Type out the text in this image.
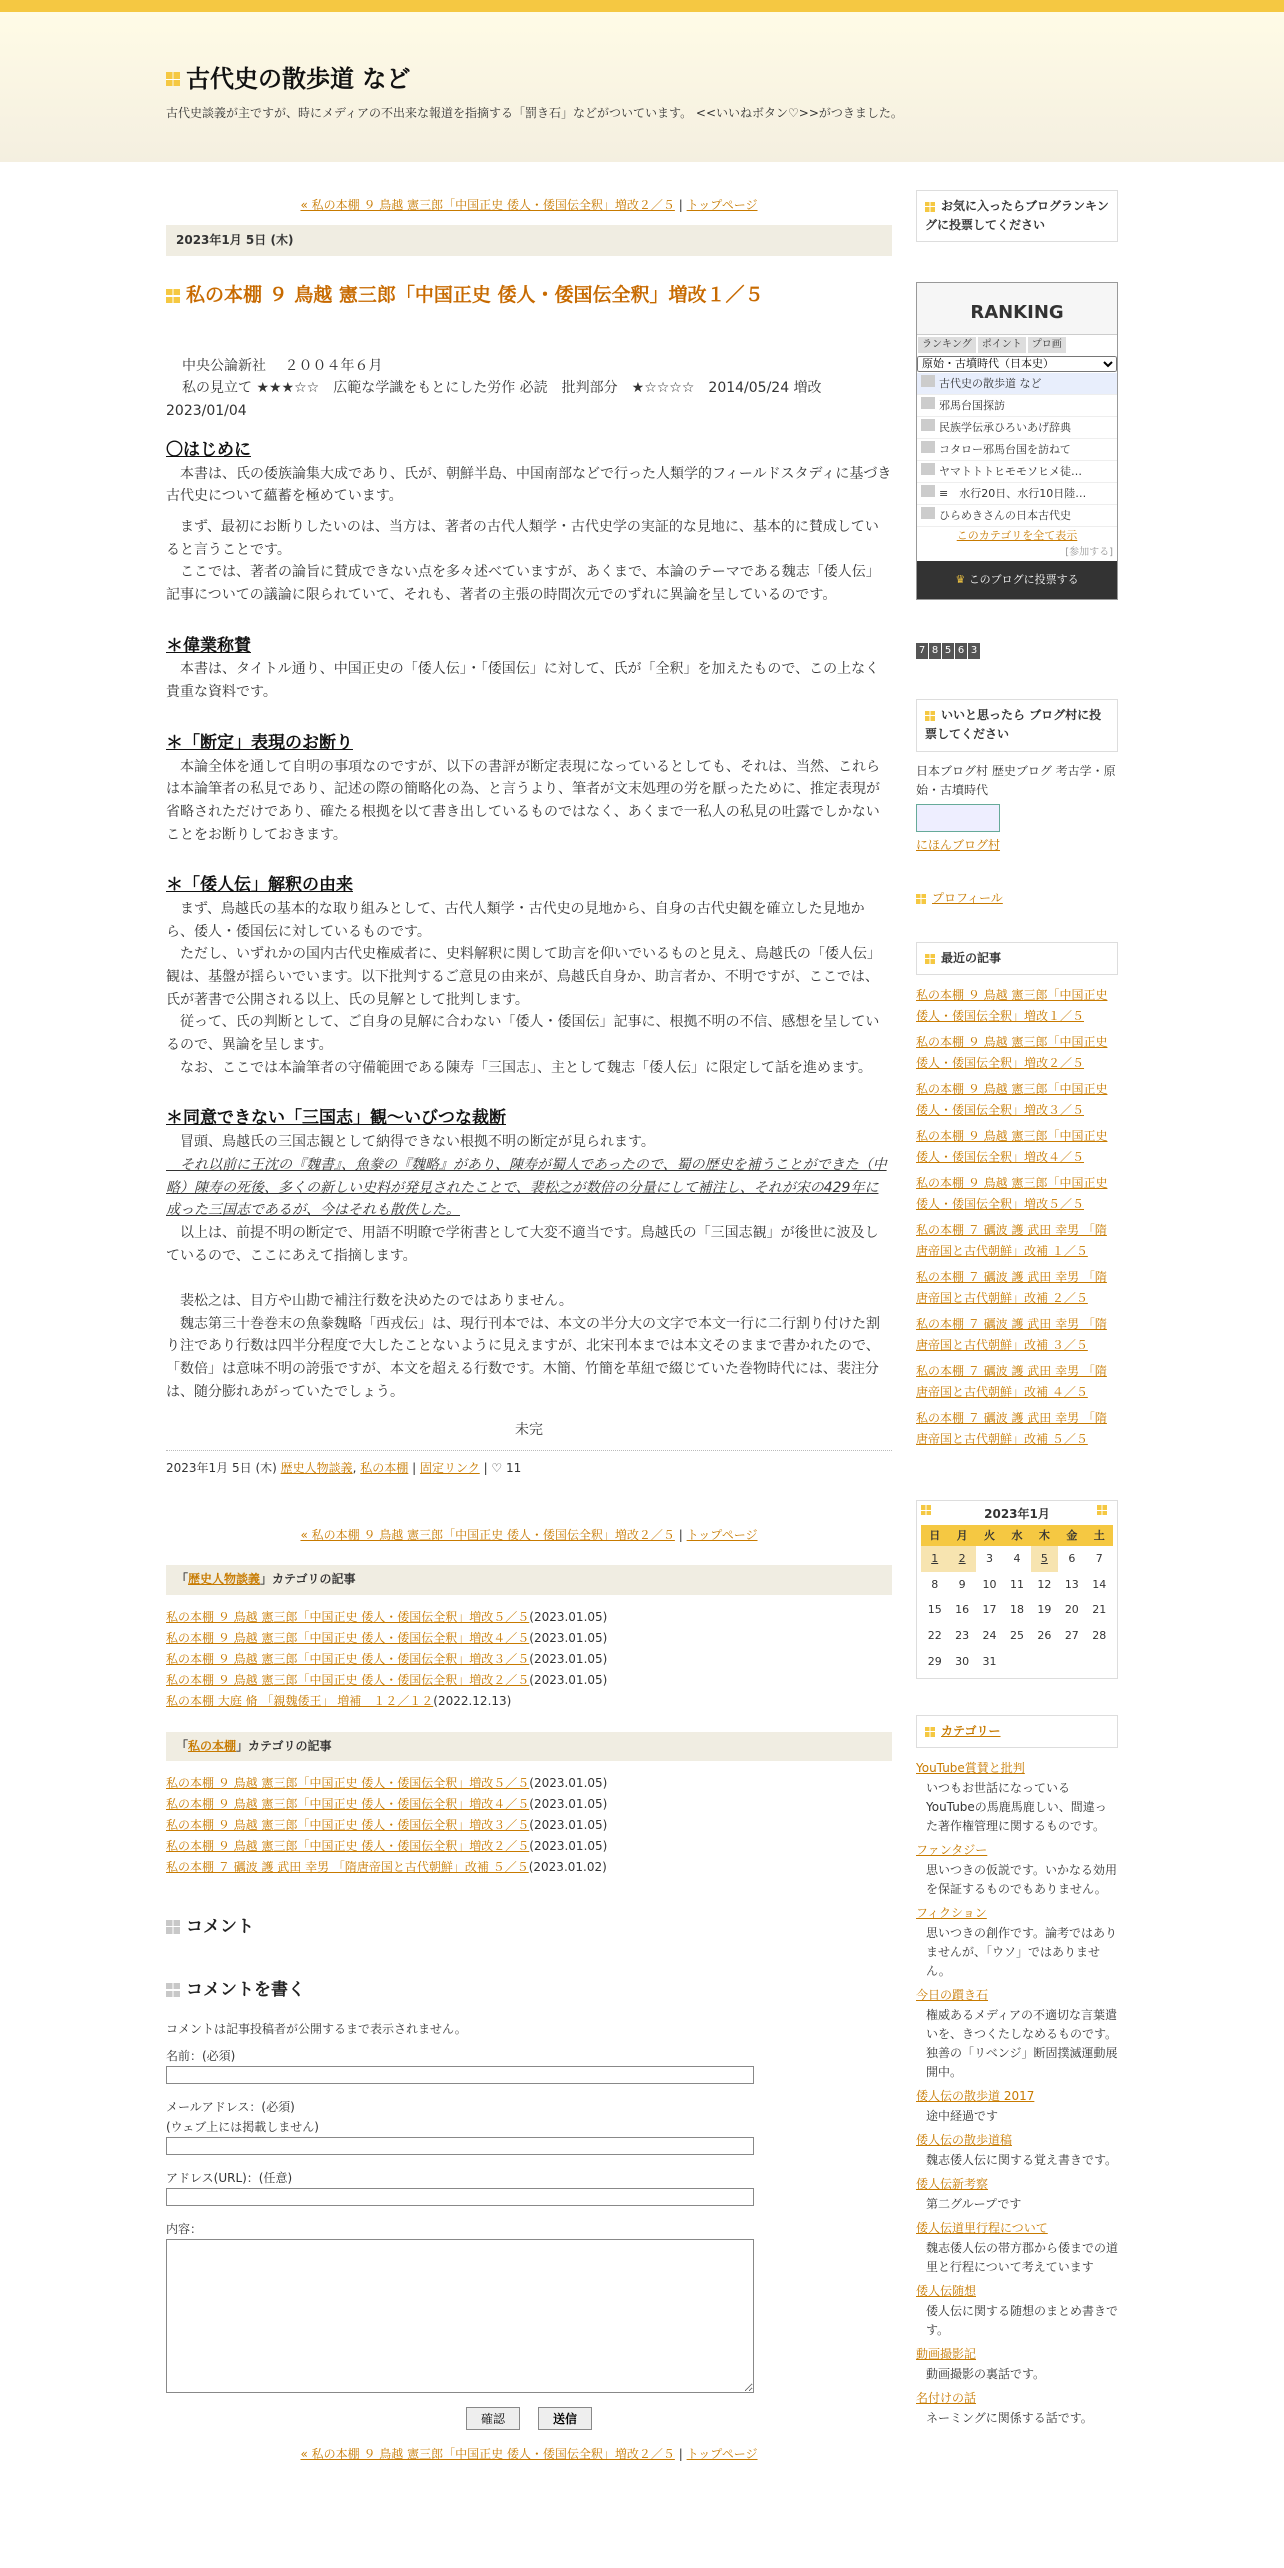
古代史の散歩道 など
古代史談義が主ですが、時にメディアの不出来な報道を指摘する「罰き石」などがついています。 <<いいねボタン♡>>がつきました。
« 私の本棚 ９ 鳥越 憲三郎「中国正史 倭人・倭国伝全釈」増改２／５ | トップページ
2023年1月 5日 (木)
私の本棚 ９ 鳥越 憲三郎「中国正史 倭人・倭国伝全釈」増改１／５

中央公論新社　 ２００４年６月

私の見立て ★★★☆☆　広範な学識をもとにした労作 必読　批判部分　★☆☆☆☆　2014/05/24 増改 2023/01/04

〇はじめに

　本書は、氏の倭族論集大成であり、氏が、朝鮮半島、中国南部などで行った人類学的フィールドスタディに基づき古代史について蘊蓄を極めています。

　まず、最初にお断りしたいのは、当方は、著者の古代人類学・古代史学の実証的な見地に、基本的に賛成していると言うことです。
　ここでは、著者の論旨に賛成できない点を多々述べていますが、あくまで、本論のテーマである魏志「倭人伝」記事についての議論に限られていて、それも、著者の主張の時間次元でのずれに異論を呈しているのです。

＊偉業称賛

　本書は、タイトル通り、中国正史の「倭人伝」・「倭国伝」に対して、氏が「全釈」を加えたもので、この上なく貴重な資料です。

＊「断定」表現のお断り

　本論全体を通して自明の事項なのですが、以下の書評が断定表現になっているとしても、それは、当然、これらは本論筆者の私見であり、記述の際の簡略化の為、と言うより、筆者が文末処理の労を厭ったために、推定表現が省略されただけであり、確たる根拠を以て書き出しているものではなく、あくまで一私人の私見の吐露でしかないことをお断りしておきます。

＊「倭人伝」解釈の由来

　まず、鳥越氏の基本的な取り組みとして、古代人類学・古代史の見地から、自身の古代史観を確立した見地から、倭人・倭国伝に対しているものです。
　ただし、いずれかの国内古代史権威者に、史料解釈に関して助言を仰いでいるものと見え、鳥越氏の「倭人伝」観は、基盤が揺らいでいます。以下批判するご意見の由来が、鳥越氏自身か、助言者か、不明ですが、ここでは、氏が著書で公開される以上、氏の見解として批判します。
　従って、氏の判断として、ご自身の見解に合わない「倭人・倭国伝」記事に、根拠不明の不信、感想を呈しているので、異論を呈します。
　なお、ここでは本論筆者の守備範囲である陳寿「三国志」、主として魏志「倭人伝」に限定して話を進めます。

＊同意できない「三国志」観～いびつな裁断

　冒頭、鳥越氏の三国志観として納得できない根拠不明の断定が見られます。

　それ以前に王沈の『魏書』、魚豢の『魏略』があり、陳寿が蜀人であったので、蜀の歴史を補うことができた（中略）陳寿の死後、多くの新しい史料が発見されたことで、裴松之が数倍の分量にして補注し、それが宋の429年に成った三国志であるが、今はそれも散佚した。

　以上は、前提不明の断定で、用語不明瞭で学術書として大変不適当です。鳥越氏の「三国志観」が後世に波及しているので、ここにあえて指摘します。

　裴松之は、目方や山勘で補注行数を決めたのではありません。
　魏志第三十巻巻末の魚豢魏略「西戎伝」は、現行刊本では、本文の半分大の文字で本文一行に二行割り付けた割り注であり行数は四半分程度で大したことないように見えますが、北宋刊本までは本文そのままで書かれたので、「数倍」は意味不明の誇張ですが、本文を超える行数です。木簡、竹簡を革紐で綴じていた巻物時代には、裴注分は、随分膨れあがっていたでしょう。

未完

2023年1月 5日 (木) 歴史人物談義, 私の本棚 | 固定リンク | ♡ 11
« 私の本棚 ９ 鳥越 憲三郎「中国正史 倭人・倭国伝全釈」増改２／５ | トップページ
「歴史人物談義」カテゴリの記事
私の本棚 ９ 鳥越 憲三郎「中国正史 倭人・倭国伝全釈」増改５／５(2023.01.05)
私の本棚 ９ 鳥越 憲三郎「中国正史 倭人・倭国伝全釈」増改４／５(2023.01.05)
私の本棚 ９ 鳥越 憲三郎「中国正史 倭人・倭国伝全釈」増改３／５(2023.01.05)
私の本棚 ９ 鳥越 憲三郎「中国正史 倭人・倭国伝全釈」増改２／５(2023.01.05)
私の本棚 大庭 脩 「親魏倭王」 増補　１２／１２(2022.12.13)
「私の本棚」カテゴリの記事
私の本棚 ９ 鳥越 憲三郎「中国正史 倭人・倭国伝全釈」増改５／５(2023.01.05)
私の本棚 ９ 鳥越 憲三郎「中国正史 倭人・倭国伝全釈」増改４／５(2023.01.05)
私の本棚 ９ 鳥越 憲三郎「中国正史 倭人・倭国伝全釈」増改３／５(2023.01.05)
私の本棚 ９ 鳥越 憲三郎「中国正史 倭人・倭国伝全釈」増改２／５(2023.01.05)
私の本棚 ７ 礪波 護 武田 幸男 「隋唐帝国と古代朝鮮」改補 ５／５(2023.01.02)
コメント
コメントを書く
コメントは記事投稿者が公開するまで表示されません。
名前：(必須)
メールアドレス：(必須)
(ウェブ上には掲載しません)
アドレス(URL)：(任意)
内容：
確認	送信
« 私の本棚 ９ 鳥越 憲三郎「中国正史 倭人・倭国伝全釈」増改２／５ | トップページ
お気に入ったらブログランキングに投票してください
RANKING
ランキング ポイント プロ画
原始・古墳時代（日本史）
古代史の散歩道 など
邪馬台国探訪
民族学伝承ひろいあげ辞典
コタロー邪馬台国を訪ねて
ヤマトトトヒモモソヒメ徒…
≡　水行20日、水行10日陸…
ひらめきさんの日本古代史
このカテゴリを全て表示
[参加する]
♛ このブログに投票する
7 8 5 6 3
いいと思ったら ブログ村に投票してください
日本ブログ村 歴史ブログ 考古学・原始・古墳時代
にほんブログ村
プロフィール
最近の記事
私の本棚 ９ 鳥越 憲三郎「中国正史 倭人・倭国伝全釈」増改１／５
私の本棚 ９ 鳥越 憲三郎「中国正史 倭人・倭国伝全釈」増改２／５
私の本棚 ９ 鳥越 憲三郎「中国正史 倭人・倭国伝全釈」増改３／５
私の本棚 ９ 鳥越 憲三郎「中国正史 倭人・倭国伝全釈」増改４／５
私の本棚 ９ 鳥越 憲三郎「中国正史 倭人・倭国伝全釈」増改５／５
私の本棚 ７ 礪波 護 武田 幸男 「隋唐帝国と古代朝鮮」改補 １／５
私の本棚 ７ 礪波 護 武田 幸男 「隋唐帝国と古代朝鮮」改補 ２／５
私の本棚 ７ 礪波 護 武田 幸男 「隋唐帝国と古代朝鮮」改補 ３／５
私の本棚 ７ 礪波 護 武田 幸男 「隋唐帝国と古代朝鮮」改補 ４／５
私の本棚 ７ 礪波 護 武田 幸男 「隋唐帝国と古代朝鮮」改補 ５／５
2023年1月
日	月	火	水	木	金	土
1	2	3	4	5	6	7
8	9	10	11	12	13	14
15	16	17	18	19	20	21
22	23	24	25	26	27	28
29	30	31				
カテゴリー
YouTube賞賛と批判
いつもお世話になっているYouTubeの馬鹿馬鹿しい、間違った著作権管理に関するものです。
ファンタジー
思いつきの仮説です。いかなる効用を保証するものでもありません。
フィクション
思いつきの創作です。論考ではありませんが、「ウソ」ではありません。
今日の躓き石
権威あるメディアの不適切な言葉遣いを、きつくたしなめるものです。独善の「リベンジ」断固撲滅運動展開中。
倭人伝の散歩道 2017
途中経過です
倭人伝の散歩道稿
魏志倭人伝に関する覚え書きです。
倭人伝新考察
第二グループです
倭人伝道里行程について
魏志倭人伝の帯方郡から倭までの道里と行程について考えています
倭人伝随想
倭人伝に関する随想のまとめ書きです。
動画撮影記
動画撮影の裏話です。
名付けの話
ネーミングに関係する話です。
